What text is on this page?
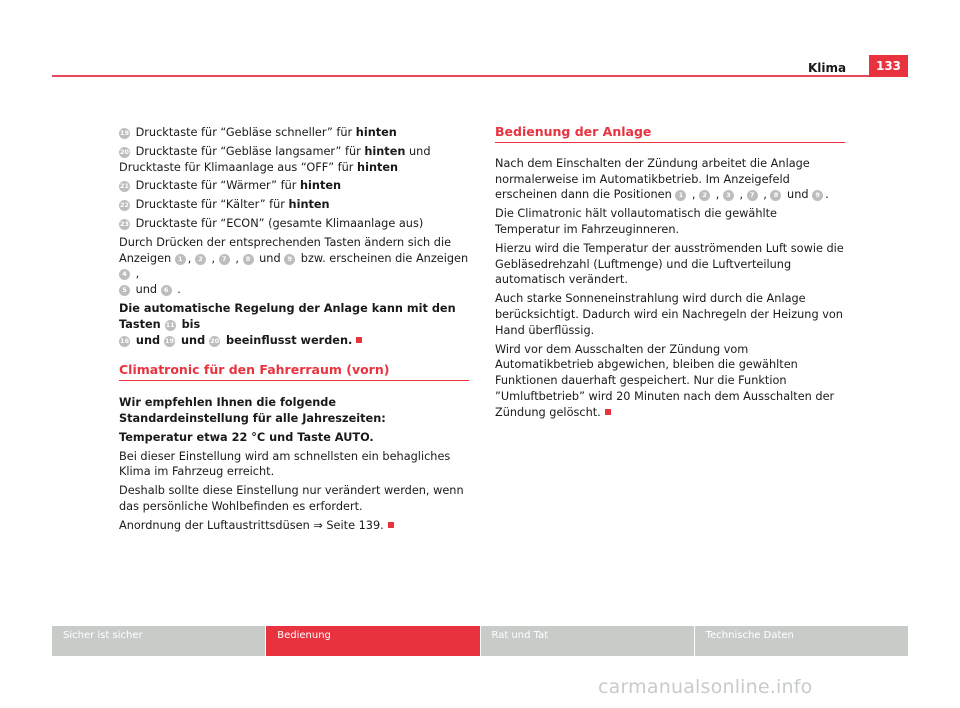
Klima	133

19 Drucktaste für “Gebläse schneller” für hinten

20 Drucktaste für “Gebläse langsamer” für hinten und Drucktaste für Klimaanlage aus “OFF” für hinten

21 Drucktaste für “Wärmer” für hinten

22 Drucktaste für “Kälter” für hinten

23 Drucktaste für “ECON” (gesamte Klimaanlage aus)

Durch Drücken der entsprechenden Tasten ändern sich die Anzeigen 1 , 2 , 7 , 8 und 9 bzw. erscheinen die Anzeigen 4 ,
5 und 6 .

Die automatische Regelung der Anlage kann mit den Tasten 11 bis
16 und 19 und 20 beeinflusst werden.

Climatronic für den Fahrerraum (vorn)

Wir empfehlen Ihnen die folgende Standardeinstellung für alle Jahreszeiten:

Temperatur etwa 22 °C und Taste AUTO.

Bei dieser Einstellung wird am schnellsten ein behagliches Klima im Fahrzeug erreicht.

Deshalb sollte diese Einstellung nur verändert werden, wenn das persönliche Wohlbefinden es erfordert.

Anordnung der Luftaustrittsdüsen ⇒ Seite 139.

Bedienung der Anlage

Nach dem Einschalten der Zündung arbeitet die Anlage normalerweise im Automatikbetrieb. Im Anzeigefeld erscheinen dann die Positionen 1 , 2 , 3 , 7 , 8 und 9 .

Die Climatronic hält vollautomatisch die gewählte Temperatur im Fahrzeuginneren.

Hierzu wird die Temperatur der ausströmenden Luft sowie die Gebläsedrehzahl (Luftmenge) und die Luftverteilung automatisch verändert.

Auch starke Sonneneinstrahlung wird durch die Anlage berücksichtigt. Dadurch wird ein Nachregeln der Heizung von Hand überflüssig.

Wird vor dem Ausschalten der Zündung vom Automatikbetrieb abgewichen, bleiben die gewählten Funktionen dauerhaft gespeichert. Nur die Funktion ”Umluftbetrieb” wird 20 Minuten nach dem Ausschalten der Zündung gelöscht.

Sicher ist sicher	Bedienung	Rat und Tat	Technische Daten
carmanualsonline.info
